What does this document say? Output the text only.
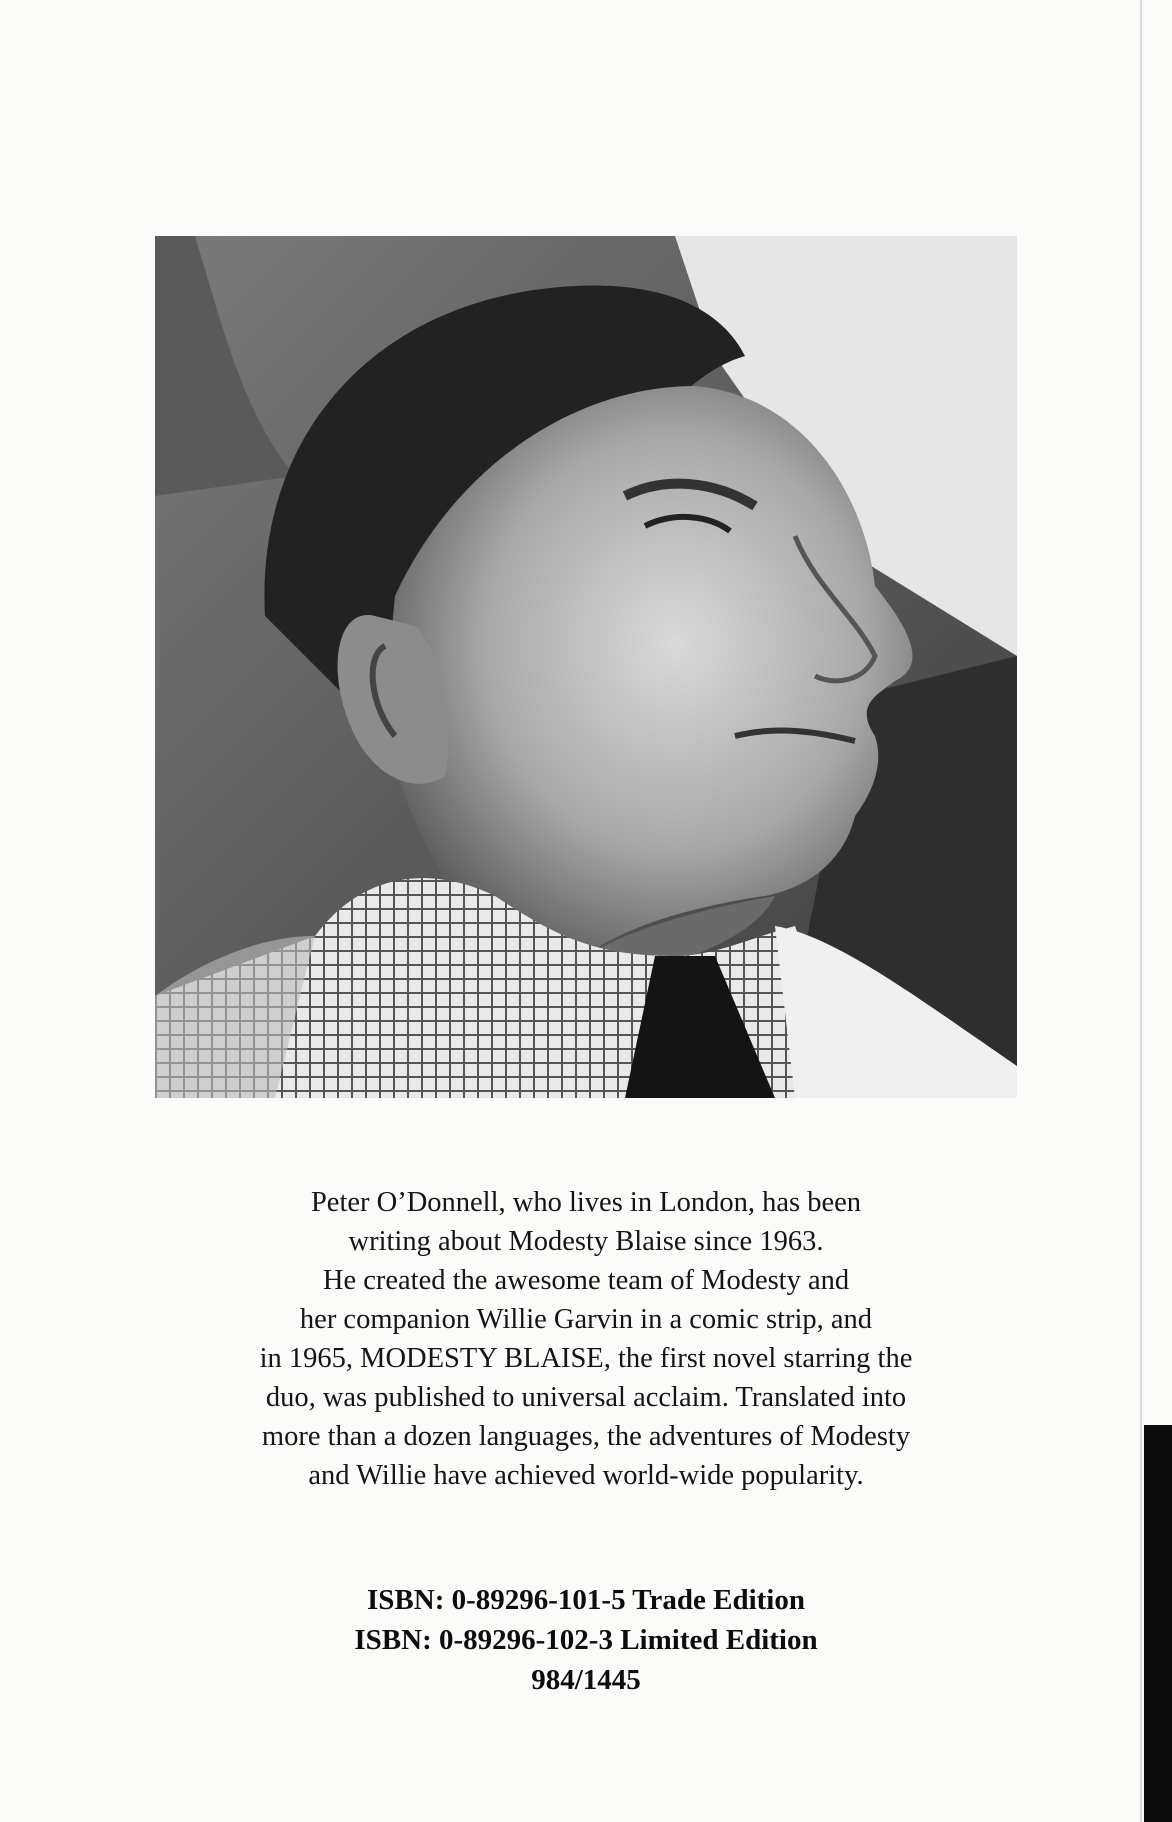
Peter O’Donnell, who lives in London, has been
writing about Modesty Blaise since 1963.
He created the awesome team of Modesty and
her companion Willie Garvin in a comic strip, and
in 1965, MODESTY BLAISE, the first novel starring the
duo, was published to universal acclaim. Translated into
more than a dozen languages, the adventures of Modesty
and Willie have achieved world-wide popularity.

ISBN: 0-89296-101-5 Trade Edition
ISBN: 0-89296-102-3 Limited Edition
984/1445
